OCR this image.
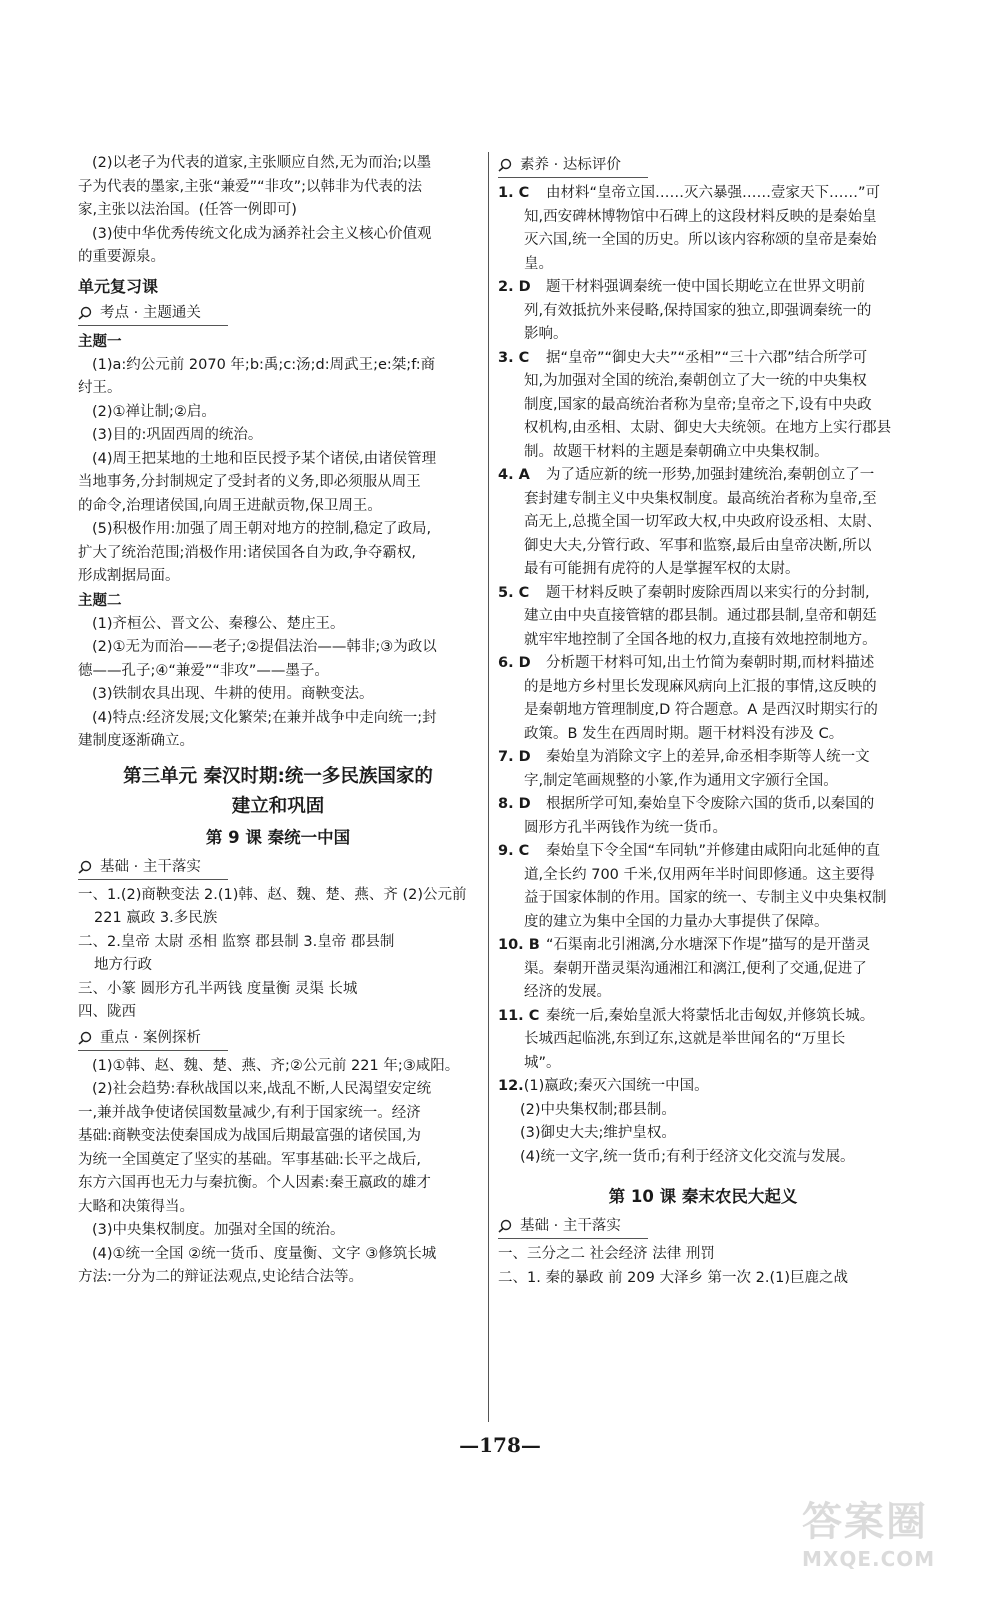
(2)以老子为代表的道家,主张顺应自然,无为而治;以墨
子为代表的墨家,主张“兼爱”“非攻”;以韩非为代表的法
家,主张以法治国。(任答一例即可)
(3)使中华优秀传统文化成为涵养社会主义核心价值观
的重要源泉。
单元复习课
考点 · 主题通关
主题一
(1)a:约公元前 2070 年;b:禹;c:汤;d:周武王;e:桀;f:商
纣王。
(2)①禅让制;②启。
(3)目的:巩固西周的统治。
(4)周王把某地的土地和臣民授予某个诸侯,由诸侯管理
当地事务,分封制规定了受封者的义务,即必须服从周王
的命令,治理诸侯国,向周王进献贡物,保卫周王。
(5)积极作用:加强了周王朝对地方的控制,稳定了政局,
扩大了统治范围;消极作用:诸侯国各自为政,争夺霸权,
形成割据局面。
主题二
(1)齐桓公、晋文公、秦穆公、楚庄王。
(2)①无为而治——老子;②提倡法治——韩非;③为政以
德——孔子;④“兼爱”“非攻”——墨子。
(3)铁制农具出现、牛耕的使用。商鞅变法。
(4)特点:经济发展;文化繁荣;在兼并战争中走向统一;封
建制度逐渐确立。
第三单元 秦汉时期:统一多民族国家的
建立和巩固
第 9 课 秦统一中国
基础 · 主干落实
一、1.(2)商鞅变法 2.(1)韩、赵、魏、楚、燕、齐 (2)公元前
221 嬴政 3.多民族
二、2.皇帝 太尉 丞相 监察 郡县制 3.皇帝 郡县制
地方行政
三、小篆 圆形方孔半两钱 度量衡 灵渠 长城
四、陇西
重点 · 案例探析
(1)①韩、赵、魏、楚、燕、齐;②公元前 221 年;③咸阳。
(2)社会趋势:春秋战国以来,战乱不断,人民渴望安定统
一,兼并战争使诸侯国数量减少,有利于国家统一。经济
基础:商鞅变法使秦国成为战国后期最富强的诸侯国,为
为统一全国奠定了坚实的基础。军事基础:长平之战后,
东方六国再也无力与秦抗衡。个人因素:秦王嬴政的雄才
大略和决策得当。
(3)中央集权制度。加强对全国的统治。
(4)①统一全国 ②统一货币、度量衡、文字 ③修筑长城
方法:一分为二的辩证法观点,史论结合法等。
素养 · 达标评价
1. C 由材料“皇帝立国……灭六暴强……壹家天下……”可
知,西安碑林博物馆中石碑上的这段材料反映的是秦始皇
灭六国,统一全国的历史。所以该内容称颂的皇帝是秦始
皇。
2. D 题干材料强调秦统一使中国长期屹立在世界文明前
列,有效抵抗外来侵略,保持国家的独立,即强调秦统一的
影响。
3. C 据“皇帝”“御史大夫”“丞相”“三十六郡”结合所学可
知,为加强对全国的统治,秦朝创立了大一统的中央集权
制度,国家的最高统治者称为皇帝;皇帝之下,设有中央政
权机构,由丞相、太尉、御史大夫统领。在地方上实行郡县
制。故题干材料的主题是秦朝确立中央集权制。
4. A 为了适应新的统一形势,加强封建统治,秦朝创立了一
套封建专制主义中央集权制度。最高统治者称为皇帝,至
高无上,总揽全国一切军政大权,中央政府设丞相、太尉、
御史大夫,分管行政、军事和监察,最后由皇帝决断,所以
最有可能拥有虎符的人是掌握军权的太尉。
5. C 题干材料反映了秦朝时废除西周以来实行的分封制,
建立由中央直接管辖的郡县制。通过郡县制,皇帝和朝廷
就牢牢地控制了全国各地的权力,直接有效地控制地方。
6. D 分析题干材料可知,出土竹简为秦朝时期,而材料描述
的是地方乡村里长发现麻风病向上汇报的事情,这反映的
是秦朝地方管理制度,D 符合题意。A 是西汉时期实行的
政策。B 发生在西周时期。题干材料没有涉及 C。
7. D 秦始皇为消除文字上的差异,命丞相李斯等人统一文
字,制定笔画规整的小篆,作为通用文字颁行全国。
8. D 根据所学可知,秦始皇下令废除六国的货币,以秦国的
圆形方孔半两钱作为统一货币。
9. C 秦始皇下令全国“车同轨”并修建由咸阳向北延伸的直
道,全长约 700 千米,仅用两年半时间即修通。这主要得
益于国家体制的作用。国家的统一、专制主义中央集权制
度的建立为集中全国的力量办大事提供了保障。
10. B “石渠南北引湘漓,分水塘深下作堤”描写的是开凿灵
渠。秦朝开凿灵渠沟通湘江和漓江,便利了交通,促进了
经济的发展。
11. C 秦统一后,秦始皇派大将蒙恬北击匈奴,并修筑长城。
长城西起临洮,东到辽东,这就是举世闻名的“万里长
城”。
12.(1)嬴政;秦灭六国统一中国。
(2)中央集权制;郡县制。
(3)御史大夫;维护皇权。
(4)统一文字,统一货币;有利于经济文化交流与发展。
第 10 课 秦末农民大起义
基础 · 主干落实
一、三分之二 社会经济 法律 刑罚
二、1. 秦的暴政 前 209 大泽乡 第一次 2.(1)巨鹿之战
—178—
答案圈
MXQE.COM
